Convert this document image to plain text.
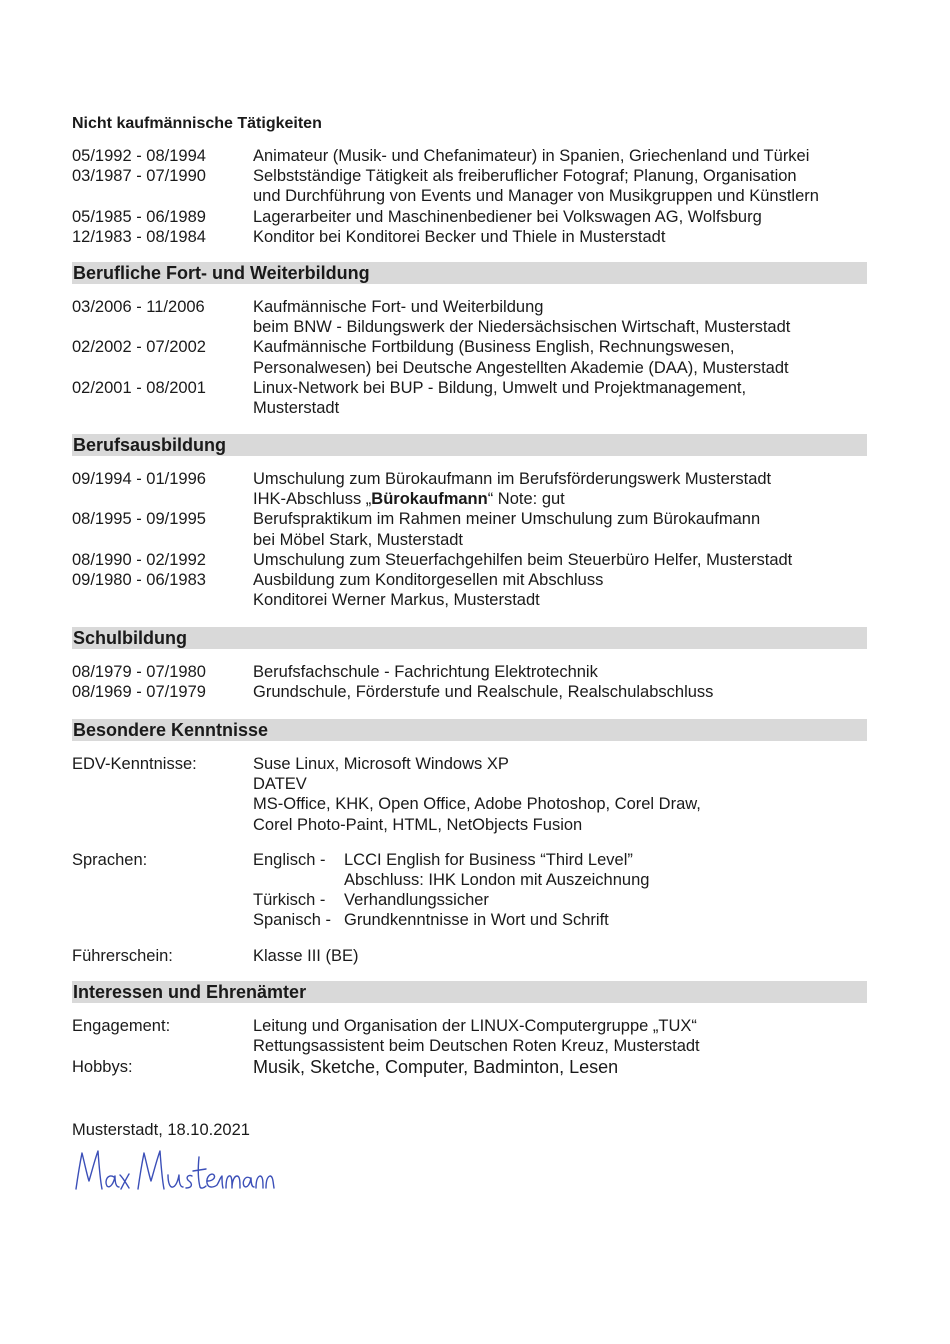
Nicht kaufmännische Tätigkeiten
05/1992 - 08/1994	Animateur (Musik- und Chefanimateur) in Spanien, Griechenland und Türkei
03/1987 - 07/1990	Selbstständige Tätigkeit als freiberuflicher Fotograf; Planung, Organisation
und Durchführung von Events und Manager von Musikgruppen und Künstlern
05/1985 - 06/1989	Lagerarbeiter und Maschinenbediener bei Volkswagen AG, Wolfsburg
12/1983 - 08/1984	Konditor bei Konditorei Becker und Thiele in Musterstadt
Berufliche Fort- und Weiterbildung
03/2006 - 11/2006	Kaufmännische Fort- und Weiterbildung
beim BNW - Bildungswerk der Niedersächsischen Wirtschaft, Musterstadt
02/2002 - 07/2002	Kaufmännische Fortbildung (Business English, Rechnungswesen,
Personalwesen) bei Deutsche Angestellten Akademie (DAA), Musterstadt
02/2001 - 08/2001	Linux-Network bei BUP - Bildung, Umwelt und Projektmanagement,
Musterstadt
Berufsausbildung
09/1994 - 01/1996	Umschulung zum Bürokaufmann im Berufsförderungswerk Musterstadt
IHK-Abschluss „Bürokaufmann“ Note: gut
08/1995 - 09/1995	Berufspraktikum im Rahmen meiner Umschulung zum Bürokaufmann
bei Möbel Stark, Musterstadt
08/1990 - 02/1992	Umschulung zum Steuerfachgehilfen beim Steuerbüro Helfer, Musterstadt
09/1980 - 06/1983	Ausbildung zum Konditorgesellen mit Abschluss
Konditorei Werner Markus, Musterstadt
Schulbildung
08/1979 - 07/1980	Berufsfachschule - Fachrichtung Elektrotechnik
08/1969 - 07/1979	Grundschule, Förderstufe und Realschule, Realschulabschluss
Besondere Kenntnisse
EDV-Kenntnisse:	Suse Linux, Microsoft Windows XP
DATEV
MS-Office, KHK, Open Office, Adobe Photoshop, Corel Draw,
Corel Photo-Paint, HTML, NetObjects Fusion
Sprachen:	Englisch -	LCCI English for Business “Third Level”
Abschluss: IHK London mit Auszeichnung
Türkisch -	Verhandlungssicher
Spanisch - Grundkenntnisse in Wort und Schrift
Führerschein:	Klasse III (BE)
Interessen und Ehrenämter
Engagement:	Leitung und Organisation der LINUX-Computergruppe „TUX“
Rettungsassistent beim Deutschen Roten Kreuz, Musterstadt
Hobbys:	Musik, Sketche, Computer, Badminton, Lesen
Musterstadt, 18.10.2021
